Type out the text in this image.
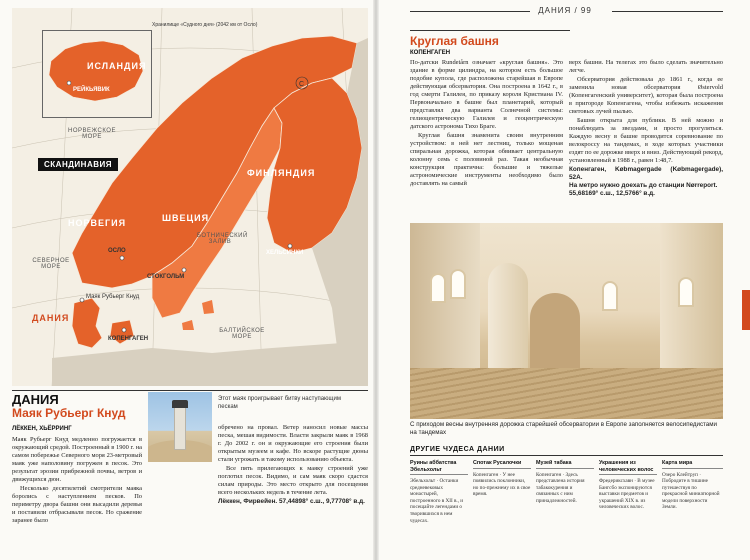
С
ИСЛАНДИЯ
РЕЙКЬЯВИК
Хранилище «Судного дня» (2042 км от Осло)
НОРВЕГИЯ	ШВЕЦИЯ
ФИНЛЯНДИЯ
ДАНИЯ
НОРВЕЖСКОЕ МОРЕ
СЕВЕРНОЕ МОРЕ
БАЛТИЙСКОЕ МОРЕ
БОТНИЧЕСКИЙ ЗАЛИВ
ОСЛО
СТОКГОЛЬМ
ХЕЛЬСИНКИ
КОПЕНГАГЕН
Маяк Рубьерг Кнуд
СКАНДИНАВИЯ
ДАНИЯ
Маяк Рубьерг Кнуд
ЛЁККЕН, ХЬЁРРИНГ

Маяк Рубьерг Кнуд медленно погружается в окружающий средой. Построенный в 1900 г. на самом побережье Северного моря 23-метровый маяк уже наполовину погружен в песок. Это результат эрозии прибрежной почвы, ветров и движущихся дюн.

Несколько десятилетий смотрители маяка боролись с наступлением песков. По периметру двора башни они высадили деревья и поставили отбрасывали песок. Но сражение заранее было

Этот маяк проигрывает битву наступающим пескам

обречено на провал. Ветер наносил новые массы песка, мешая видимости. Власти закрыли маяк в 1968 г. До 2002 г. он и окружающие его строения были открытым музеем и кафе. Но вскоре растущие дюны стали угрожать и такому использованию объекта.

Все пять прилегающих к маяку строений уже поглотил песок. Видимо, и сам маяк скоро сдастся силам природы. Это место открыто для посещения всего нескольких недель в течение лета.

Лёккен, Фирвейен. 57,44898° с.ш., 9,77708° в.д.

ДАНИЯ / 99
Круглая башня
КОПЕНГАГЕН

По-датски Rundetårn означает «круглая башня». Это здание в форме цилиндра, на котором есть большое подобие купола, где расположена старейшая в Европе действующая обсерватория. Она построена в 1642 г., в год смерти Галилея, по приказу короля Кристиана IV. Первоначально в башне был планетарий, который представлял два варианта Солнечной системы: гелиоцентрическую Галилея и геоцентрическую датского астронома Тихо Браге.

Круглая башня знаменита своим внутренним устройством: в ней нет лестниц, только мощеная спиральная дорожка, которая обвивает центральную колонну семь с половиной раз. Такая необычная конструкция практична: большие и тяжелые астрономические инструменты необходимо было доставлять на самый

верх башни. На телегах это было сделать значительно легче.

Обсерватория действовала до 1861 г., когда ее заменила новая обсерватория Østervold (Копенгагенский университет), которая была построена в пригороде Копенгагена, чтобы избежать искажения световых лучей пылью.

Башня открыта для публики. В ней можно и понаблюдать за звездами, и просто прогуляться. Каждую весну в башне проводится соревнование по велокроссу на тандемах, в ходе которых участники ездят по ее дорожке вверх и вниз. Действующий рекорд, установленный в 1988 г., равен 1:48,7.

Копенгаген, Købmagergade (Købmagergade), 52A.

На метро нужно доехать до станции Nørreport.

55,68169° с.ш., 12,5766° в.д.

С приходом весны внутренняя дорожка старейшей обсерватории в Европе заполняется велосипедистами на тандемах
ДРУГИЕ ЧУДЕСА ДАНИИ
Руины аббатства Эбельхольт
Эбельхольт · Останки средневековых монастырей, построенного в XII в., и посещайте легендами о творившихся в нем чудесах.
Спотак Русалочки
Копенгаген · У нее появились поклонники, но по-прежнему их в свое время.
Музей табака
Копенгаген · Здесь представлена история табакокурения и связанных с ним принадлежностей.
Украшения из человеческих волос
Фредериксхавн · В музее Бангсбо экспонируются выставки предметов и украшений XIX в. из человеческих волос.
Карта мира
Озеро Клейтруп · Побродите в тишине путешествуя по прекрасной миниатюрной модели поверхности Земли.
